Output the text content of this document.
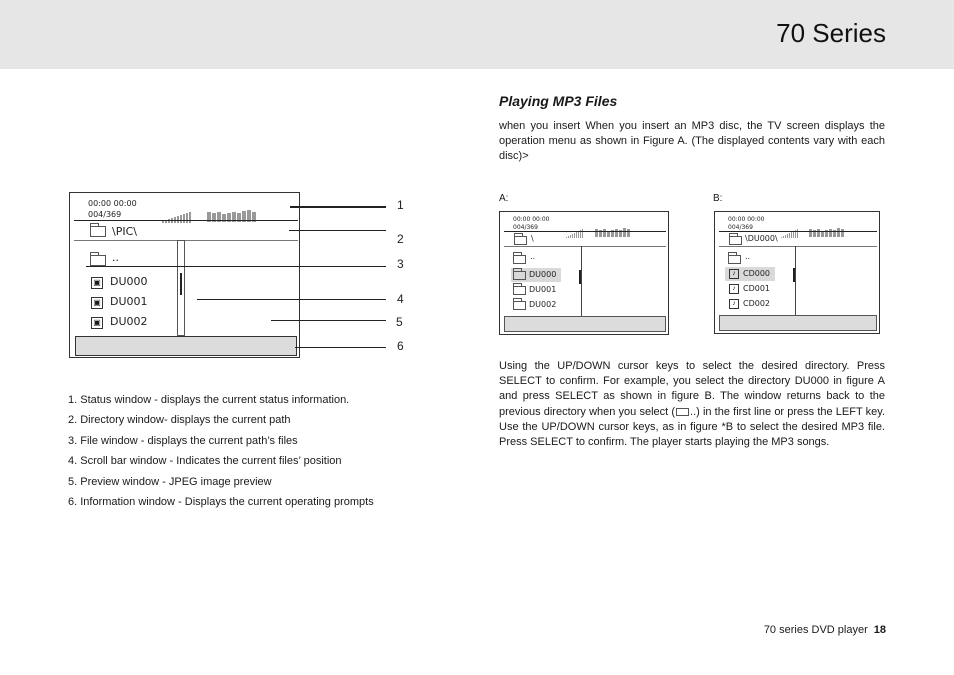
70 Series
00:00 00:00
004/369
\PIC\
..
▣ DU000
▣ DU001
▣ DU002
1
2
3
4
5
6
1. Status window - displays the current status information.
2. Directory window- displays the current path
3. File window - displays the current path’s files
4. Scroll bar window - Indicates the current files’ position
5. Preview window - JPEG image preview
6. Information window - Displays the current operating prompts
Playing MP3 Files
when you insert When you insert an MP3 disc, the TV screen displays the operation menu as shown in Figure A. (The displayed contents vary with each disc)>
A:	B:
00:00 00:00
004/369
\
..
DU000
DU001
DU002
00:00 00:00
004/369
\DU000\
..
♪ CD000
♪ CD001
♪ CD002
Using the UP/DOWN cursor keys to select the desired directory. Press SELECT to confirm. For example, you select the directory DU000 in figure A and press SELECT as shown in figure B. The window returns back to the previous directory when you select ( ..) in the first line or press the LEFT key. Use the UP/DOWN cursor keys, as in figure *B to select the desired MP3 file. Press SELECT to confirm. The player starts playing the MP3 songs.
70 series DVD player 18
